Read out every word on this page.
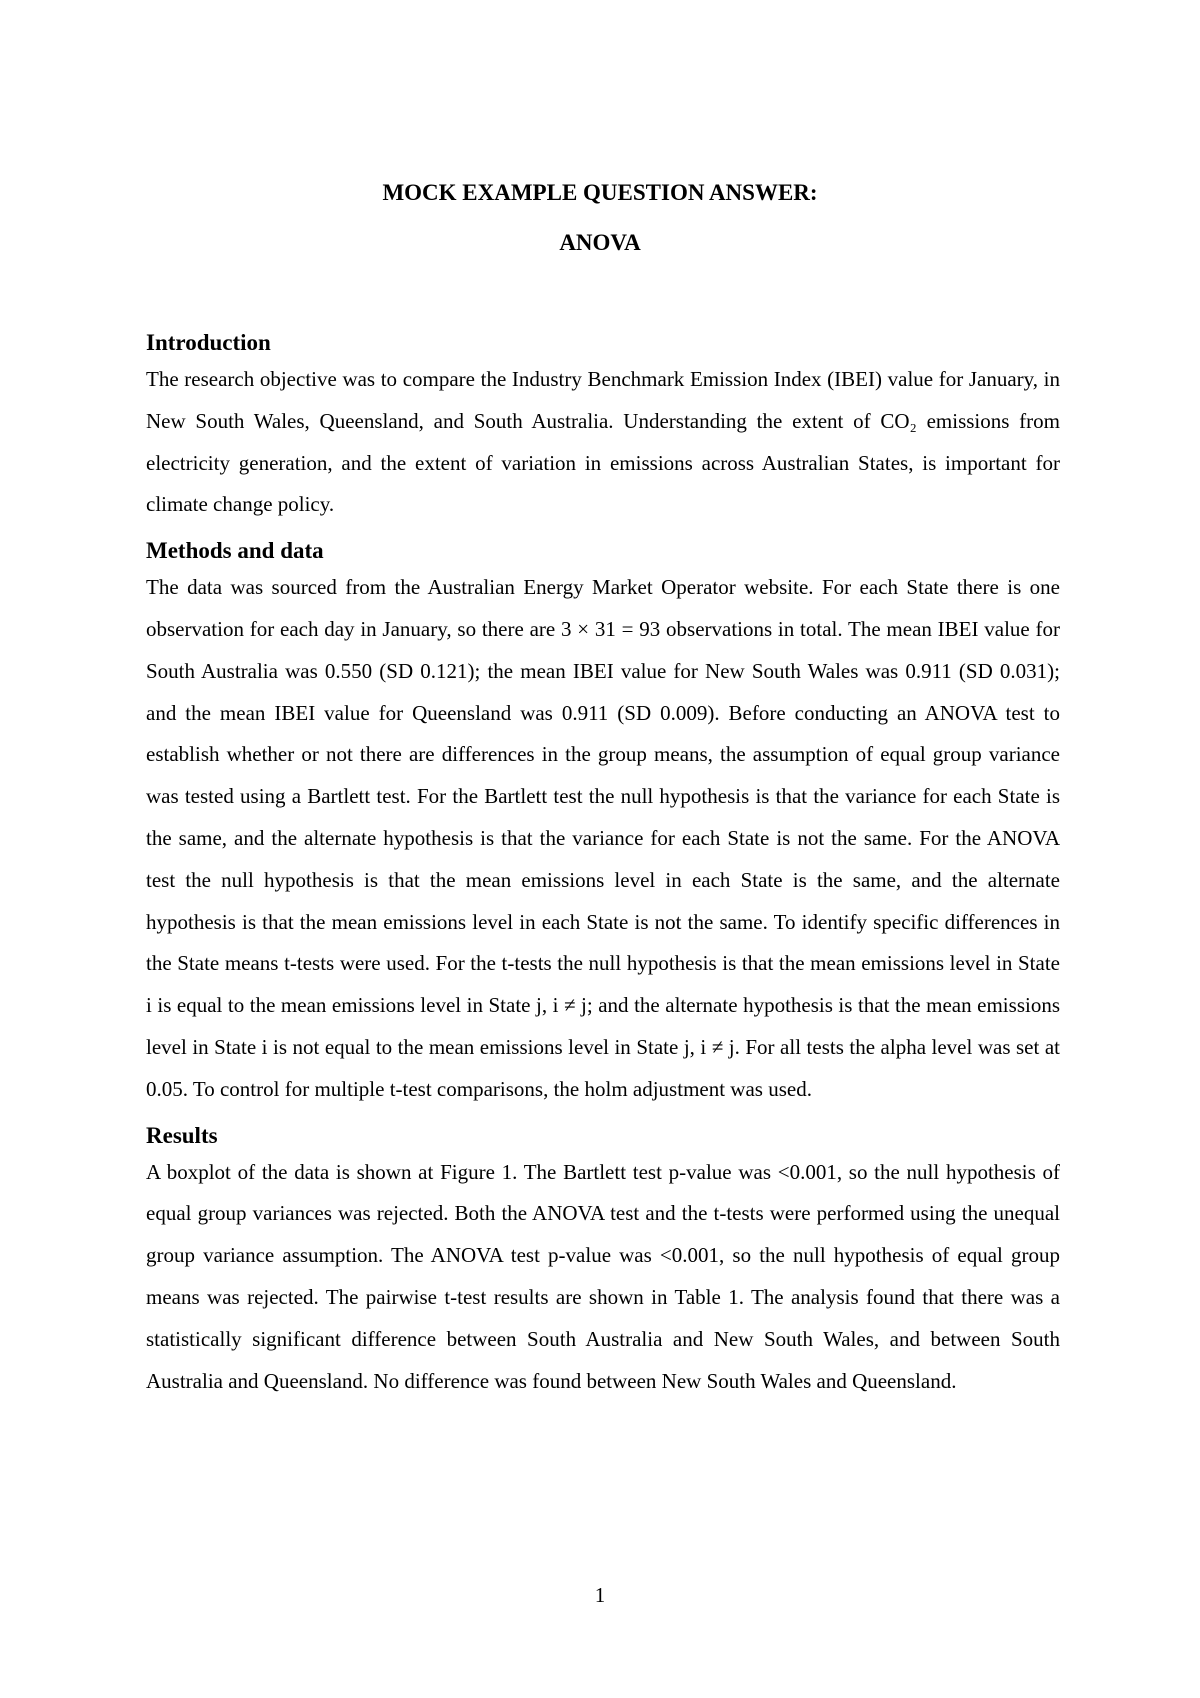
MOCK EXAMPLE QUESTION ANSWER:
ANOVA
Introduction

The research objective was to compare the Industry Benchmark Emission Index (IBEI) value for January, in New South Wales, Queensland, and South Australia. Understanding the extent of CO₂ emissions from electricity generation, and the extent of variation in emissions across Australian States, is important for climate change policy.

Methods and data

The data was sourced from the Australian Energy Market Operator website. For each State there is one observation for each day in January, so there are 3 × 31 = 93 observations in total. The mean IBEI value for South Australia was 0.550 (SD 0.121); the mean IBEI value for New South Wales was 0.911 (SD 0.031); and the mean IBEI value for Queensland was 0.911 (SD 0.009). Before conducting an ANOVA test to establish whether or not there are differences in the group means, the assumption of equal group variance was tested using a Bartlett test. For the Bartlett test the null hypothesis is that the variance for each State is the same, and the alternate hypothesis is that the variance for each State is not the same. For the ANOVA test the null hypothesis is that the mean emissions level in each State is the same, and the alternate hypothesis is that the mean emissions level in each State is not the same. To identify specific differences in the State means t-tests were used. For the t-tests the null hypothesis is that the mean emissions level in State i is equal to the mean emissions level in State j, i ≠ j; and the alternate hypothesis is that the mean emissions level in State i is not equal to the mean emissions level in State j, i ≠ j. For all tests the alpha level was set at 0.05. To control for multiple t-test comparisons, the holm adjustment was used.

Results

A boxplot of the data is shown at Figure 1. The Bartlett test p-value was <0.001, so the null hypothesis of equal group variances was rejected. Both the ANOVA test and the t-tests were performed using the unequal group variance assumption. The ANOVA test p-value was <0.001, so the null hypothesis of equal group means was rejected. The pairwise t-test results are shown in Table 1. The analysis found that there was a statistically significant difference between South Australia and New South Wales, and between South Australia and Queensland. No difference was found between New South Wales and Queensland.

1
